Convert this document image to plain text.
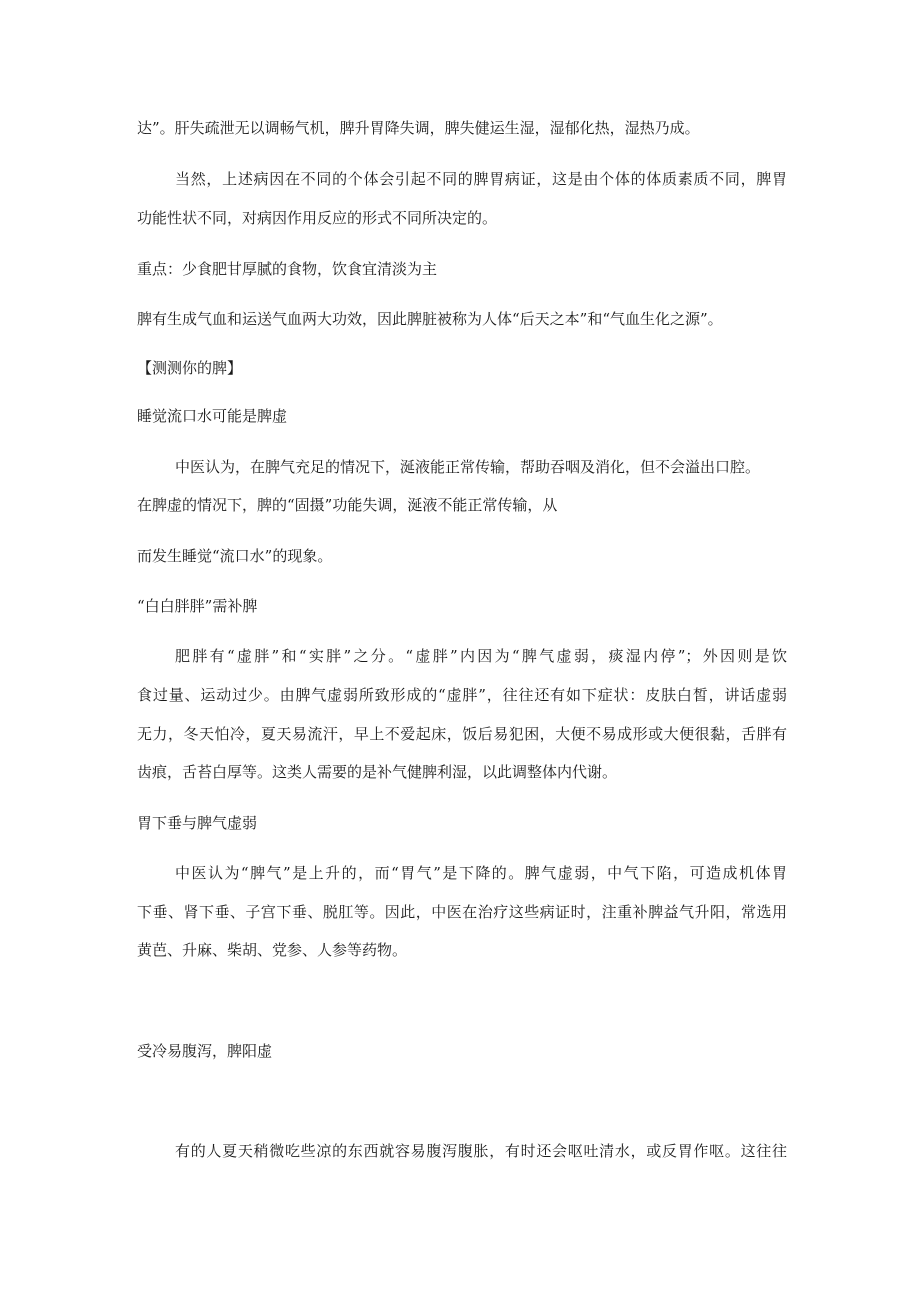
达”。肝失疏泄无以调畅气机，脾升胃降失调，脾失健运生湿，湿郁化热，湿热乃成。
当然，上述病因在不同的个体会引起不同的脾胃病证，这是由个体的体质素质不同，脾胃
功能性状不同，对病因作用反应的形式不同所决定的。
重点：少食肥甘厚腻的食物，饮食宜清淡为主
脾有生成气血和运送气血两大功效，因此脾脏被称为人体“后天之本”和“气血生化之源”。
【测测你的脾】
睡觉流口水可能是脾虚
中医认为，在脾气充足的情况下，涎液能正常传输，帮助吞咽及消化，但不会溢出口腔。
在脾虚的情况下，脾的“固摄”功能失调，涎液不能正常传输，从
而发生睡觉“流口水”的现象。
“白白胖胖”需补脾
肥胖有“虚胖”和“实胖”之分。“虚胖”内因为“脾气虚弱，痰湿内停”；外因则是饮
食过量、运动过少。由脾气虚弱所致形成的“虚胖”，往往还有如下症状：皮肤白皙，讲话虚弱
无力，冬天怕冷，夏天易流汗，早上不爱起床，饭后易犯困，大便不易成形或大便很黏，舌胖有
齿痕，舌苔白厚等。这类人需要的是补气健脾利湿，以此调整体内代谢。
胃下垂与脾气虚弱
中医认为“脾气”是上升的，而“胃气”是下降的。脾气虚弱，中气下陷，可造成机体胃
下垂、肾下垂、子宫下垂、脱肛等。因此，中医在治疗这些病证时，注重补脾益气升阳，常选用
黄芭、升麻、柴胡、党参、人参等药物。
受冷易腹泻，脾阳虚
有的人夏天稍微吃些凉的东西就容易腹泻腹胀，有时还会呕吐清水，或反胃作呕。这往往
